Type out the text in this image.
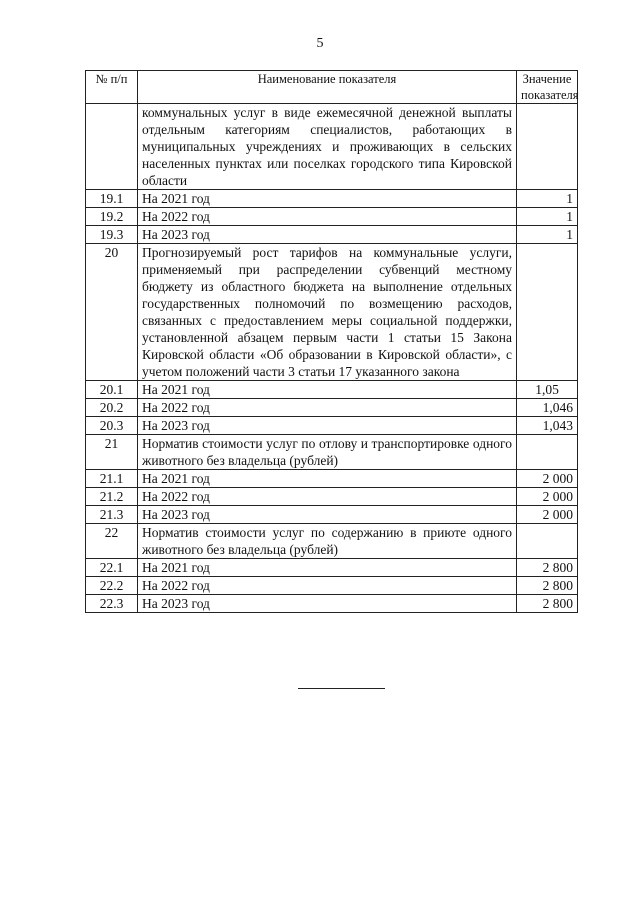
5
№ п/п	Наименование показателя	Значение показателя
	коммунальных услуг в виде ежемесячной денежной выплаты отдельным категориям специалистов, работающих в муниципальных учреждениях и проживающих в сельских населенных пунктах или поселках городского типа Кировской области	
19.1	На 2021 год	1
19.2	На 2022 год	1
19.3	На 2023 год	1
20	Прогнозируемый рост тарифов на коммунальные услуги, применяемый при распределении субвенций местному бюджету из областного бюджета на выполнение отдельных государственных полномочий по возмещению расходов, связанных с предоставлением меры социальной поддержки, установленной абзацем первым части 1 статьи 15 Закона Кировской области «Об образовании в Кировской области», с учетом положений части 3 статьи 17 указанного закона	
20.1	На 2021 год	1,05
20.2	На 2022 год	1,046
20.3	На 2023 год	1,043
21	Норматив стоимости услуг по отлову и транспортировке одного животного без владельца (рублей)	
21.1	На 2021 год	2 000
21.2	На 2022 год	2 000
21.3	На 2023 год	2 000
22	Норматив стоимости услуг по содержанию в приюте одного животного без владельца (рублей)	
22.1	На 2021 год	2 800
22.2	На 2022 год	2 800
22.3	На 2023 год	2 800
